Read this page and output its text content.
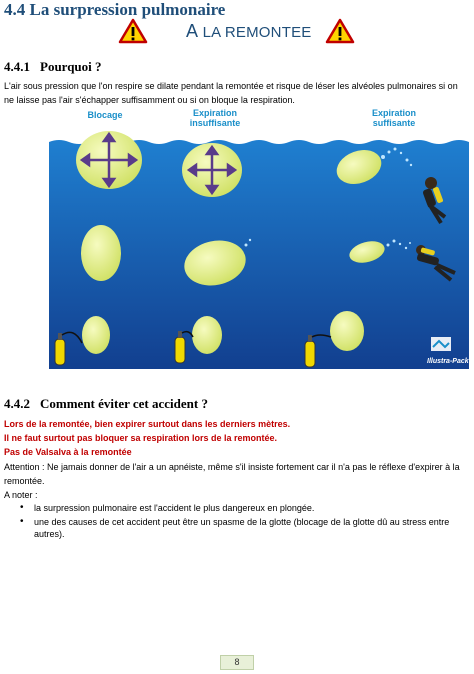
4.4 La surpression pulmonaire
A LA REMONTEE
4.4.1 Pourquoi ?
L'air sous pression que l'on respire se dilate pendant la remontée et risque de léser les alvéoles pulmonaires si on ne laisse pas l'air s'échapper suffisamment ou si on bloque la respiration.
Illustra-Pack
Blocage	Expiration
insuffisante
Expiration
suffisante
4.4.2 Comment éviter cet accident ?
Lors de la remontée, bien expirer surtout dans les derniers mètres.
Il ne faut surtout pas bloquer sa respiration lors de la remontée.
Pas de Valsalva à la remontée
Attention : Ne jamais donner de l'air a un apnéiste, même s'il insiste fortement car il n'a pas le réflexe d'expirer à la remontée.
A noter :
• la surpression pulmonaire est l'accident le plus dangereux en plongée.
• une des causes de cet accident peut être un spasme de la glotte (blocage de la glotte dû au stress entre autres).
8
